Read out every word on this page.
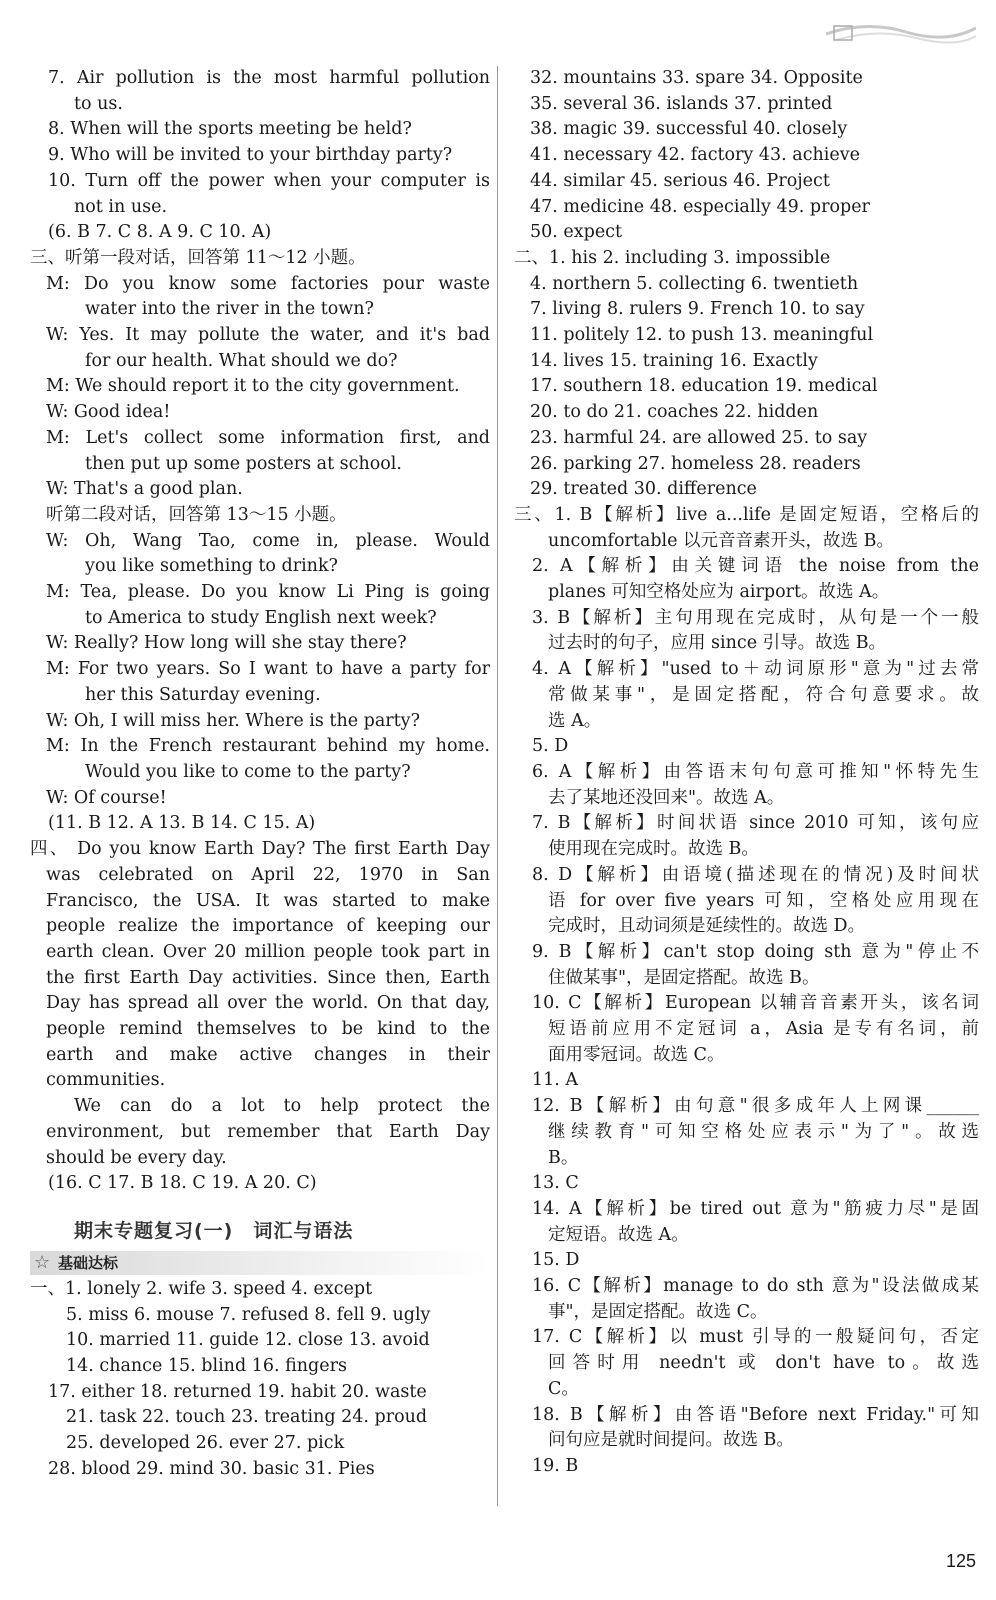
7. Air pollution is the most harmful pollution
to us.
8. When will the sports meeting be held?
9. Who will be invited to your birthday party?
10. Turn off the power when your computer is
not in use.
(6. B 7. C 8. A 9. C 10. A)
三、听第一段对话，回答第 11～12 小题。
M: Do you know some factories pour waste
water into the river in the town?
W: Yes. It may pollute the water, and it's bad
for our health. What should we do?
M: We should report it to the city government.
W: Good idea!
M: Let's collect some information first, and
then put up some posters at school.
W: That's a good plan.
听第二段对话，回答第 13～15 小题。
W: Oh, Wang Tao, come in, please. Would
you like something to drink?
M: Tea, please. Do you know Li Ping is going
to America to study English next week?
W: Really? How long will she stay there?
M: For two years. So I want to have a party for
her this Saturday evening.
W: Oh, I will miss her. Where is the party?
M: In the French restaurant behind my home.
Would you like to come to the party?
W: Of course!
(11. B 12. A 13. B 14. C 15. A)
四、 Do you know Earth Day? The first Earth Day
was celebrated on April 22, 1970 in San
Francisco, the USA. It was started to make
people realize the importance of keeping our
earth clean. Over 20 million people took part in
the first Earth Day activities. Since then, Earth
Day has spread all over the world. On that day,
people remind themselves to be kind to the
earth and make active changes in their
communities.
We can do a lot to help protect the
environment, but remember that Earth Day
should be every day.
(16. C 17. B 18. C 19. A 20. C)
期末专题复习(一)　词汇与语法
☆ 基础达标
一、1. lonely 2. wife 3. speed 4. except
5. miss 6. mouse 7. refused 8. fell 9. ugly
10. married 11. guide 12. close 13. avoid
14. chance 15. blind 16. fingers
17. either 18. returned 19. habit 20. waste
21. task 22. touch 23. treating 24. proud
25. developed 26. ever 27. pick
28. blood 29. mind 30. basic 31. Pies
32. mountains 33. spare 34. Opposite
35. several 36. islands 37. printed
38. magic 39. successful 40. closely
41. necessary 42. factory 43. achieve
44. similar 45. serious 46. Project
47. medicine 48. especially 49. proper
50. expect
二、1. his 2. including 3. impossible
4. northern 5. collecting 6. twentieth
7. living 8. rulers 9. French 10. to say
11. politely 12. to push 13. meaningful
14. lives 15. training 16. Exactly
17. southern 18. education 19. medical
20. to do 21. coaches 22. hidden
23. harmful 24. are allowed 25. to say
26. parking 27. homeless 28. readers
29. treated 30. difference
三、1. B【解析】live a...life 是固定短语，空格后的
uncomfortable 以元音音素开头，故选 B。
2. A【解析】由关键词语 the noise from the
planes 可知空格处应为 airport。故选 A。
3. B【解析】主句用现在完成时，从句是一个一般
过去时的句子，应用 since 引导。故选 B。
4. A【解析】"used to＋动词原形"意为"过去常
常做某事"，是固定搭配，符合句意要求。故
选 A。
5. D
6. A【解析】由答语末句句意可推知"怀特先生
去了某地还没回来"。故选 A。
7. B【解析】时间状语 since 2010 可知，该句应
使用现在完成时。故选 B。
8. D【解析】由语境(描述现在的情况)及时间状
语 for over five years 可知，空格处应用现在
完成时，且动词须是延续性的。故选 D。
9. B【解析】can't stop doing sth 意为"停止不
住做某事"，是固定搭配。故选 B。
10. C【解析】European 以辅音音素开头，该名词
短语前应用不定冠词 a，Asia 是专有名词，前
面用零冠词。故选 C。
11. A
12. B【解析】由句意"很多成年人上网课______
继续教育"可知空格处应表示"为了"。故选
B。
13. C
14. A【解析】be tired out 意为"筋疲力尽"是固
定短语。故选 A。
15. D
16. C【解析】manage to do sth 意为"设法做成某
事"，是固定搭配。故选 C。
17. C【解析】以 must 引导的一般疑问句，否定
回答时用 needn't 或 don't have to。故选
C。
18. B【解析】由答语"Before next Friday."可知
问句应是就时间提问。故选 B。
19. B
125
